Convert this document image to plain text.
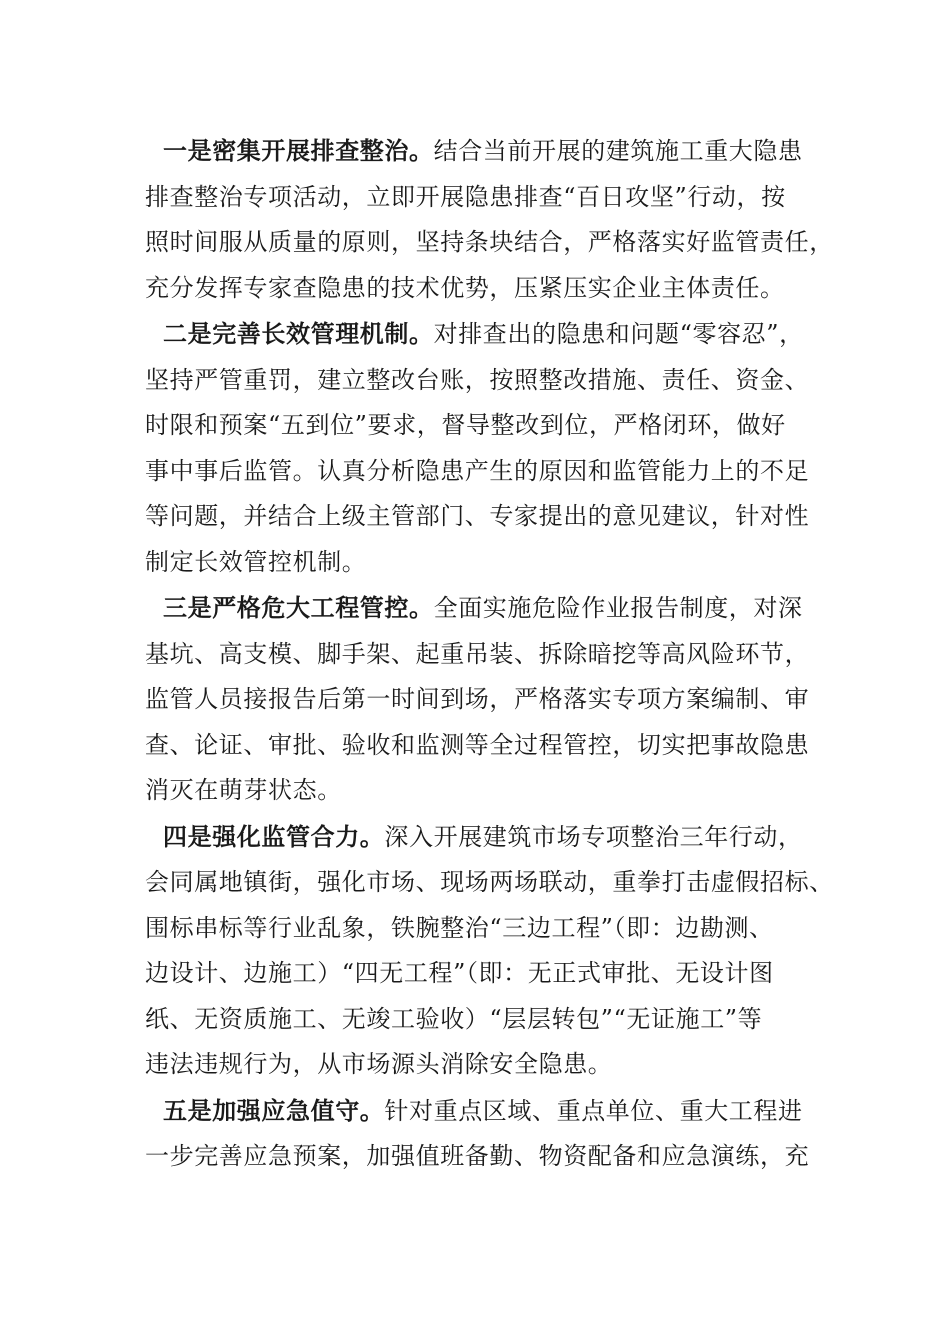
一是密集开展排查整治。结合当前开展的建筑施工重大隐患
排查整治专项活动，立即开展隐患排查“百日攻坚”行动，按
照时间服从质量的原则，坚持条块结合，严格落实好监管责任，
充分发挥专家查隐患的技术优势，压紧压实企业主体责任。

二是完善长效管理机制。对排查出的隐患和问题“零容忍”，
坚持严管重罚，建立整改台账，按照整改措施、责任、资金、
时限和预案“五到位”要求，督导整改到位，严格闭环，做好
事中事后监管。认真分析隐患产生的原因和监管能力上的不足
等问题，并结合上级主管部门、专家提出的意见建议，针对性
制定长效管控机制。

三是严格危大工程管控。全面实施危险作业报告制度，对深
基坑、高支模、脚手架、起重吊装、拆除暗挖等高风险环节，
监管人员接报告后第一时间到场，严格落实专项方案编制、审
查、论证、审批、验收和监测等全过程管控，切实把事故隐患
消灭在萌芽状态。

四是强化监管合力。深入开展建筑市场专项整治三年行动，
会同属地镇街，强化市场、现场两场联动，重拳打击虚假招标、
围标串标等行业乱象，铁腕整治“三边工程”（即：边勘测、
边设计、边施工）“四无工程”（即：无正式审批、无设计图
纸、无资质施工、无竣工验收）“层层转包”“无证施工”等
违法违规行为，从市场源头消除安全隐患。

五是加强应急值守。针对重点区域、重点单位、重大工程进
一步完善应急预案，加强值班备勤、物资配备和应急演练，充
